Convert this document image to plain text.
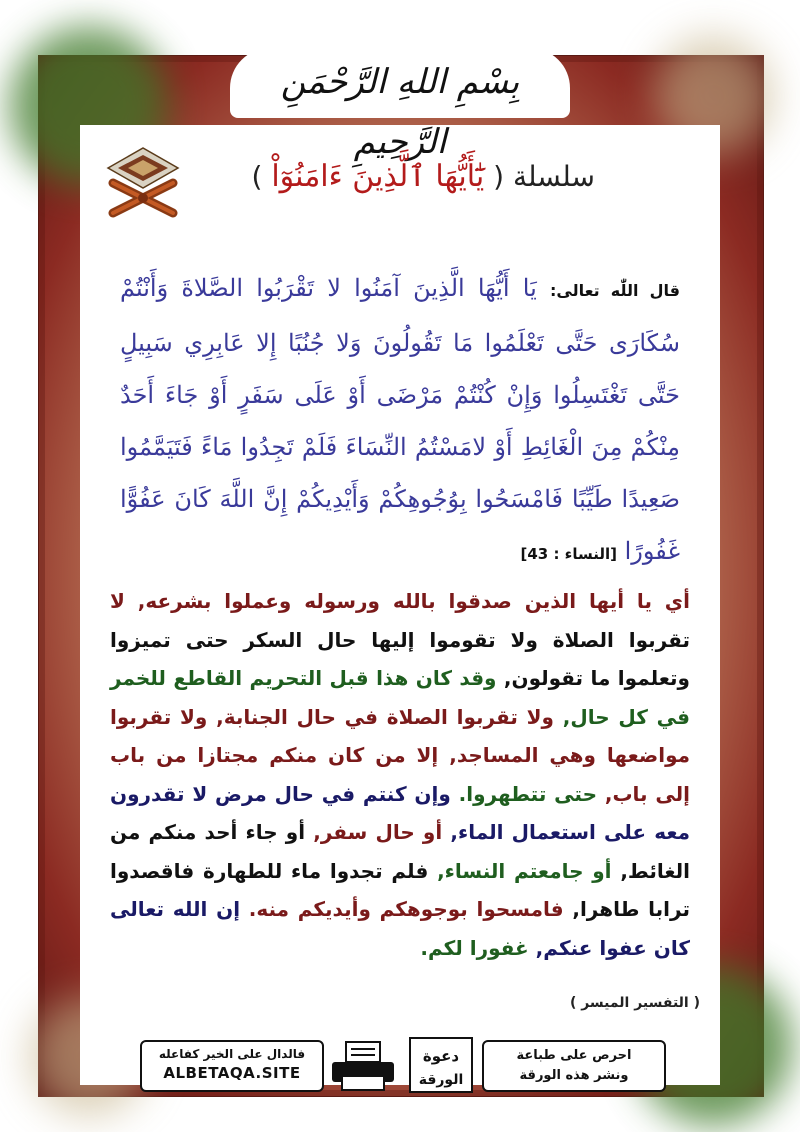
بِسْمِ اللهِ الرَّحْمَنِ الرَّحِيمِ
سلسلة ( يَٰٓأَيُّهَا ٱلَّذِينَ ءَامَنُوٓاْ )
قال اللّٰه تعالى: يَا أَيُّهَا الَّذِينَ آمَنُوا لا تَقْرَبُوا الصَّلاةَ وَأَنْتُمْ سُكَارَى حَتَّى تَعْلَمُوا مَا تَقُولُونَ وَلا جُنُبًا إِلا عَابِرِي سَبِيلٍ حَتَّى تَغْتَسِلُوا وَإِنْ كُنْتُمْ مَرْضَى أَوْ عَلَى سَفَرٍ أَوْ جَاءَ أَحَدٌ مِنْكُمْ مِنَ الْغَائِطِ أَوْ لامَسْتُمُ النِّسَاءَ فَلَمْ تَجِدُوا مَاءً فَتَيَمَّمُوا صَعِيدًا طَيِّبًا فَامْسَحُوا بِوُجُوهِكُمْ وَأَيْدِيكُمْ إِنَّ اللَّهَ كَانَ عَفُوًّا غَفُورًا [النساء : 43]
أي يا أيها الذين صدقوا بالله ورسوله وعملوا بشرعه, لا تقربوا الصلاة ولا تقوموا إليها حال السكر حتى تميزوا وتعلموا ما تقولون, وقد كان هذا قبل التحريم القاطع للخمر في كل حال, ولا تقربوا الصلاة في حال الجنابة, ولا تقربوا مواضعها وهي المساجد, إلا من كان منكم مجتازا من باب إلى باب, حتى تتطهروا. وإن كنتم في حال مرض لا تقدرون معه على استعمال الماء, أو حال سفر, أو جاء أحد منكم من الغائط, أو جامعتم النساء, فلم تجدوا ماء للطهارة فاقصدوا ترابا طاهرا, فامسحوا بوجوهكم وأيديكم منه. إن الله تعالى كان عفوا عنكم, غفورا لكم.
( التفسير الميسر )
احرص على طباعة
ونشر هذه الورقة
دعوة
الورقة
فالدال على الخير كفاعله
ALBETAQA.SITE
